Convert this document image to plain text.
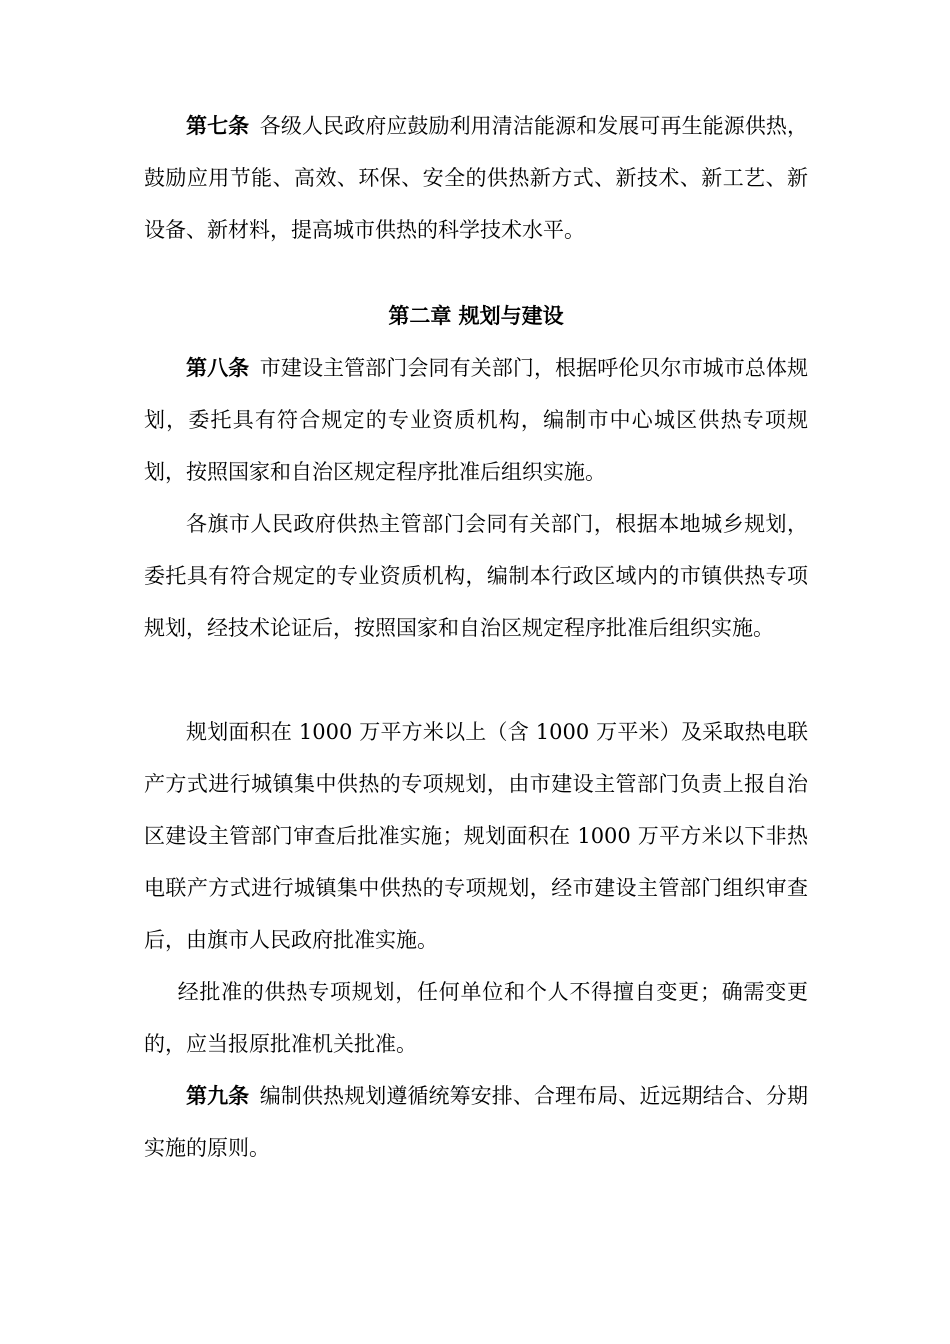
第七条 各级人民政府应鼓励利用清洁能源和发展可再生能源供热，鼓励应用节能、高效、环保、安全的供热新方式、新技术、新工艺、新设备、新材料，提高城市供热的科学技术水平。

第二章 规划与建设

第八条 市建设主管部门会同有关部门，根据呼伦贝尔市城市总体规划，委托具有符合规定的专业资质机构，编制市中心城区供热专项规划，按照国家和自治区规定程序批准后组织实施。

各旗市人民政府供热主管部门会同有关部门，根据本地城乡规划，委托具有符合规定的专业资质机构，编制本行政区域内的市镇供热专项规划，经技术论证后，按照国家和自治区规定程序批准后组织实施。

规划面积在 1000 万平方米以上（含 1000 万平米）及采取热电联产方式进行城镇集中供热的专项规划，由市建设主管部门负责上报自治区建设主管部门审查后批准实施；规划面积在 1000 万平方米以下非热电联产方式进行城镇集中供热的专项规划，经市建设主管部门组织审查后，由旗市人民政府批准实施。

经批准的供热专项规划，任何单位和个人不得擅自变更；确需变更的，应当报原批准机关批准。

第九条 编制供热规划遵循统筹安排、合理布局、近远期结合、分期实施的原则。
